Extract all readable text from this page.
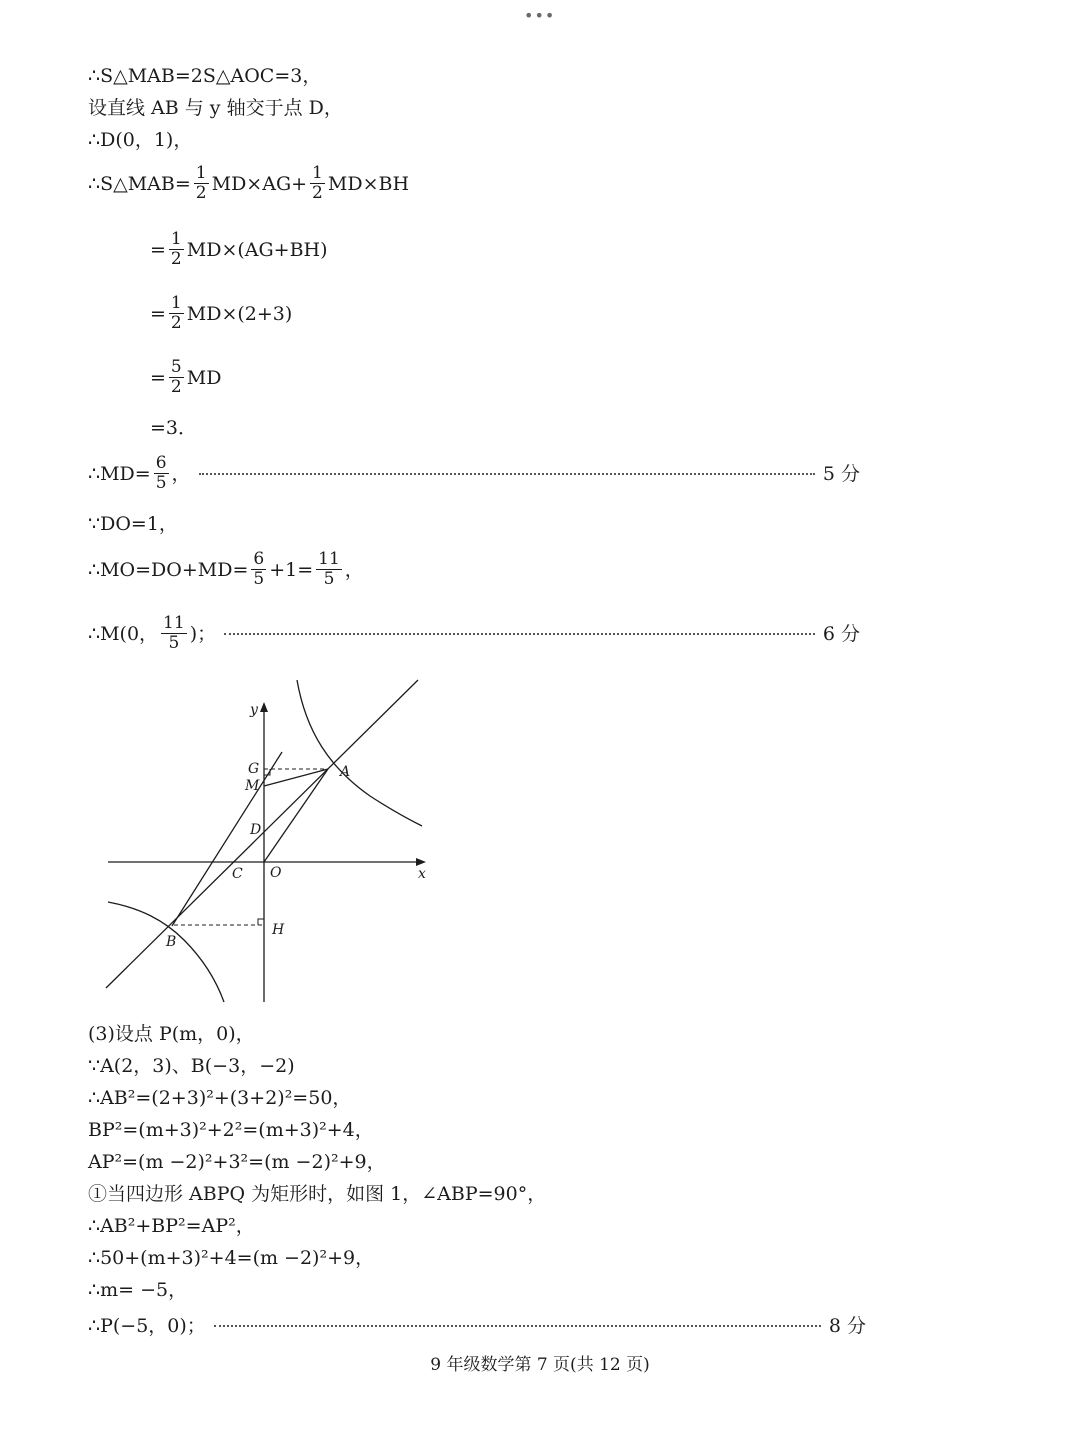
•••
∴S△MAB=2S△AOC=3，
设直线 AB 与 y 轴交于点 D，
∴D(0，1)，
∴S△MAB= $\frac{1}{2} MD\times AG+ \frac{1}{2} MD\times BH$
= $\frac{1}{2} MD\times(AG+BH)$
= $\frac{1}{2} MD\times(2+3)$
= $\frac{5}{2}$ MD
=3．
∴MD= $\frac{6}{5}$ ，	5 分
∵DO=1，
∴MO=DO+MD= $\frac{6}{5} +1= \frac{11}{5}$ ，
∴M(0， $\frac{11}{5}$ )；	6 分
y
x
G
M
A
D
C O
B
H
(3)设点 P(m，0)，
∵A(2，3)、B(−3，−2)
∴AB²=(2+3)²+(3+2)²=50，
BP²=(m+3)²+2²=(m+3)²+4，
AP²=(m −2)²+3²=(m −2)²+9，
①当四边形 ABPQ 为矩形时，如图 1，∠ABP=90°，
∴AB²+BP²=AP²，
∴50+(m+3)²+4=(m −2)²+9，
∴m= −5，
∴P(−5，0)；	8 分
9 年级数学第 7 页(共 12 页)
